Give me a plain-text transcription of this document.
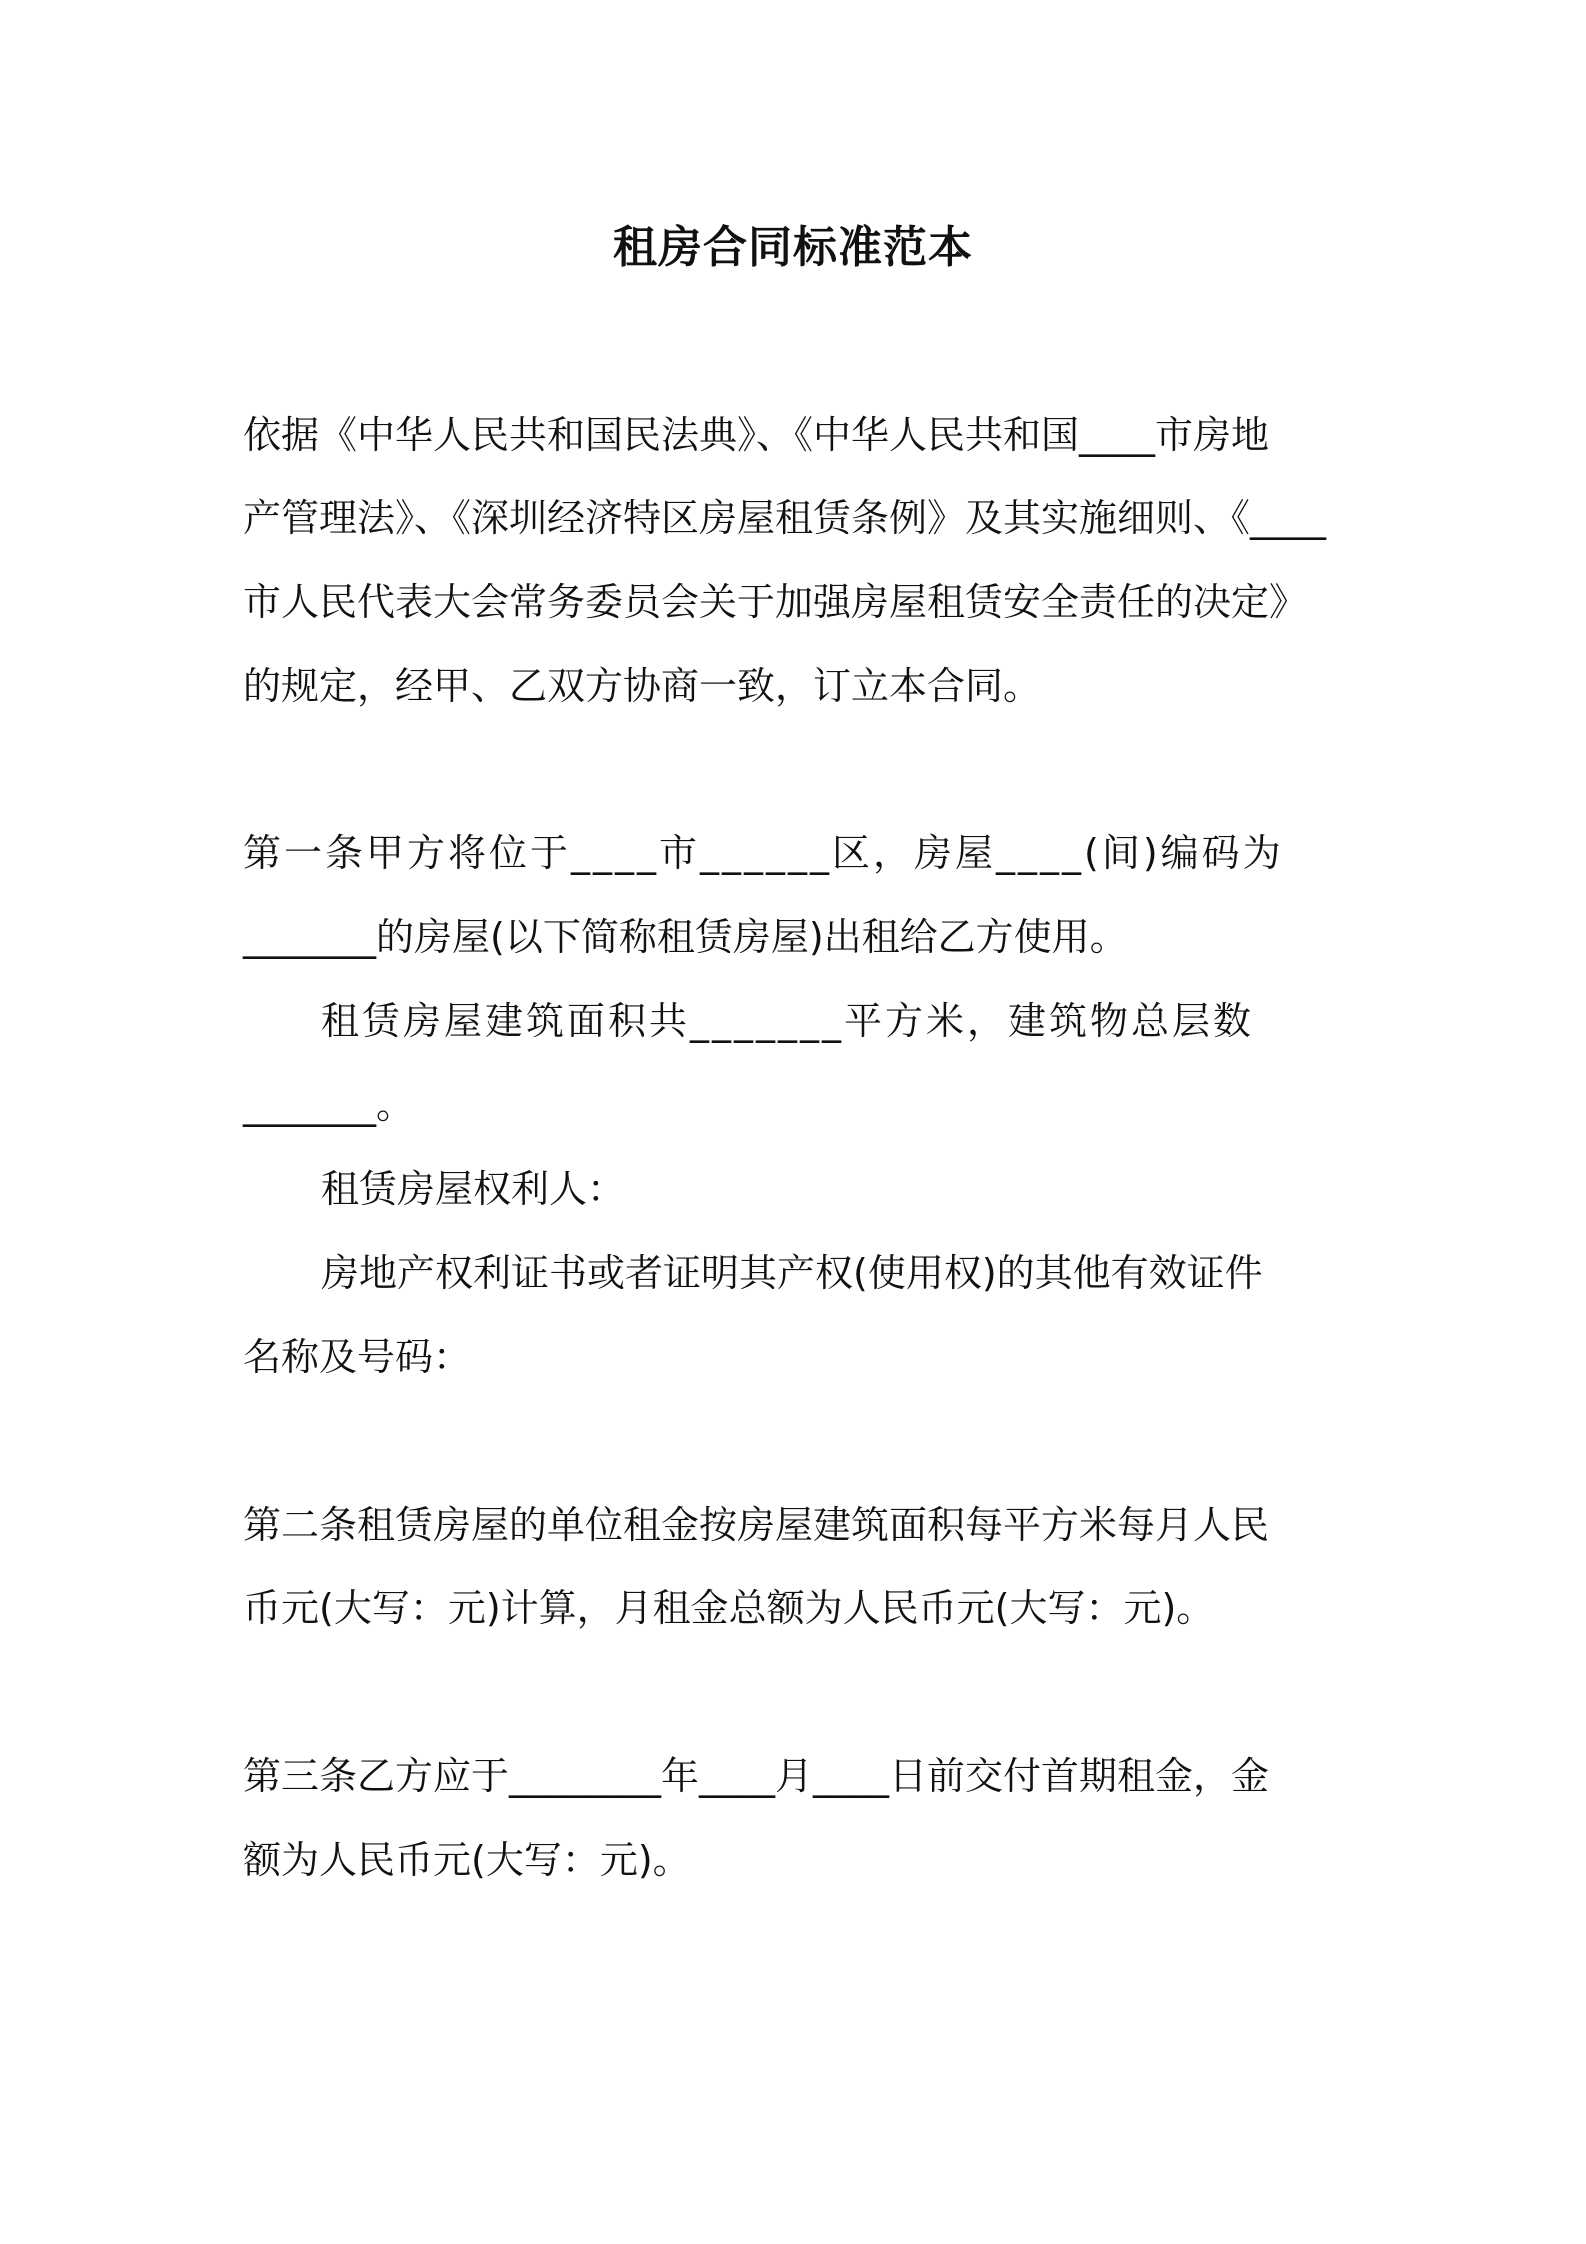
租房合同标准范本
依据《中华人民共和国民法典》、《中华人民共和国____市房地
产管理法》、《深圳经济特区房屋租赁条例》及其实施细则、《____
市人民代表大会常务委员会关于加强房屋租赁安全责任的决定》
的规定，经甲、乙双方协商一致，订立本合同。
第一条甲方将位于____市______区，房屋____(间)编码为
_______的房屋(以下简称租赁房屋)出租给乙方使用。
租赁房屋建筑面积共_______平方米，建筑物总层数
_______。
租赁房屋权利人：
房地产权利证书或者证明其产权(使用权)的其他有效证件
名称及号码：
第二条租赁房屋的单位租金按房屋建筑面积每平方米每月人民
币元(大写：元)计算，月租金总额为人民币元(大写：元)。
第三条乙方应于________年____月____日前交付首期租金，金
额为人民币元(大写：元)。
